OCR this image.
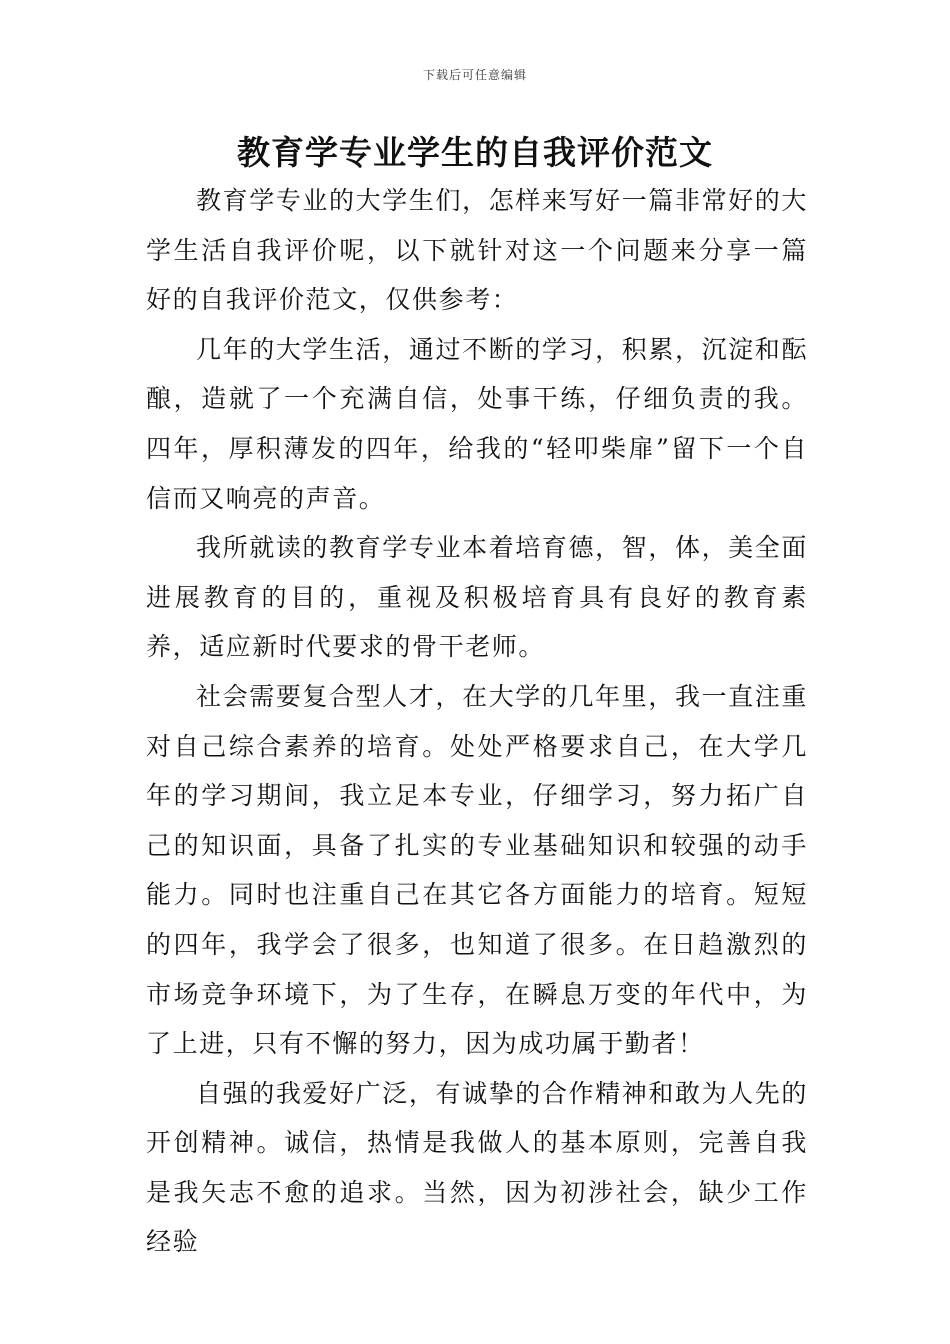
下载后可任意编辑
教育学专业学生的自我评价范文

教育学专业的大学生们，怎样来写好一篇非常好的大学生活自我评价呢，以下就针对这一个问题来分享一篇好的自我评价范文，仅供参考：

几年的大学生活，通过不断的学习，积累，沉淀和酝酿，造就了一个充满自信，处事干练，仔细负责的我。四年，厚积薄发的四年，给我的“轻叩柴扉”留下一个自信而又响亮的声音。

我所就读的教育学专业本着培育德，智，体，美全面进展教育的目的，重视及积极培育具有良好的教育素养，适应新时代要求的骨干老师。

社会需要复合型人才，在大学的几年里，我一直注重对自己综合素养的培育。处处严格要求自己，在大学几年的学习期间，我立足本专业，仔细学习，努力拓广自己的知识面，具备了扎实的专业基础知识和较强的动手能力。同时也注重自己在其它各方面能力的培育。短短的四年，我学会了很多，也知道了很多。在日趋激烈的市场竞争环境下，为了生存，在瞬息万变的年代中，为了上进，只有不懈的努力，因为成功属于勤者！

自强的我爱好广泛，有诚挚的合作精神和敢为人先的开创精神。诚信，热情是我做人的基本原则，完善自我是我矢志不愈的追求。当然，因为初涉社会，缺少工作经验
